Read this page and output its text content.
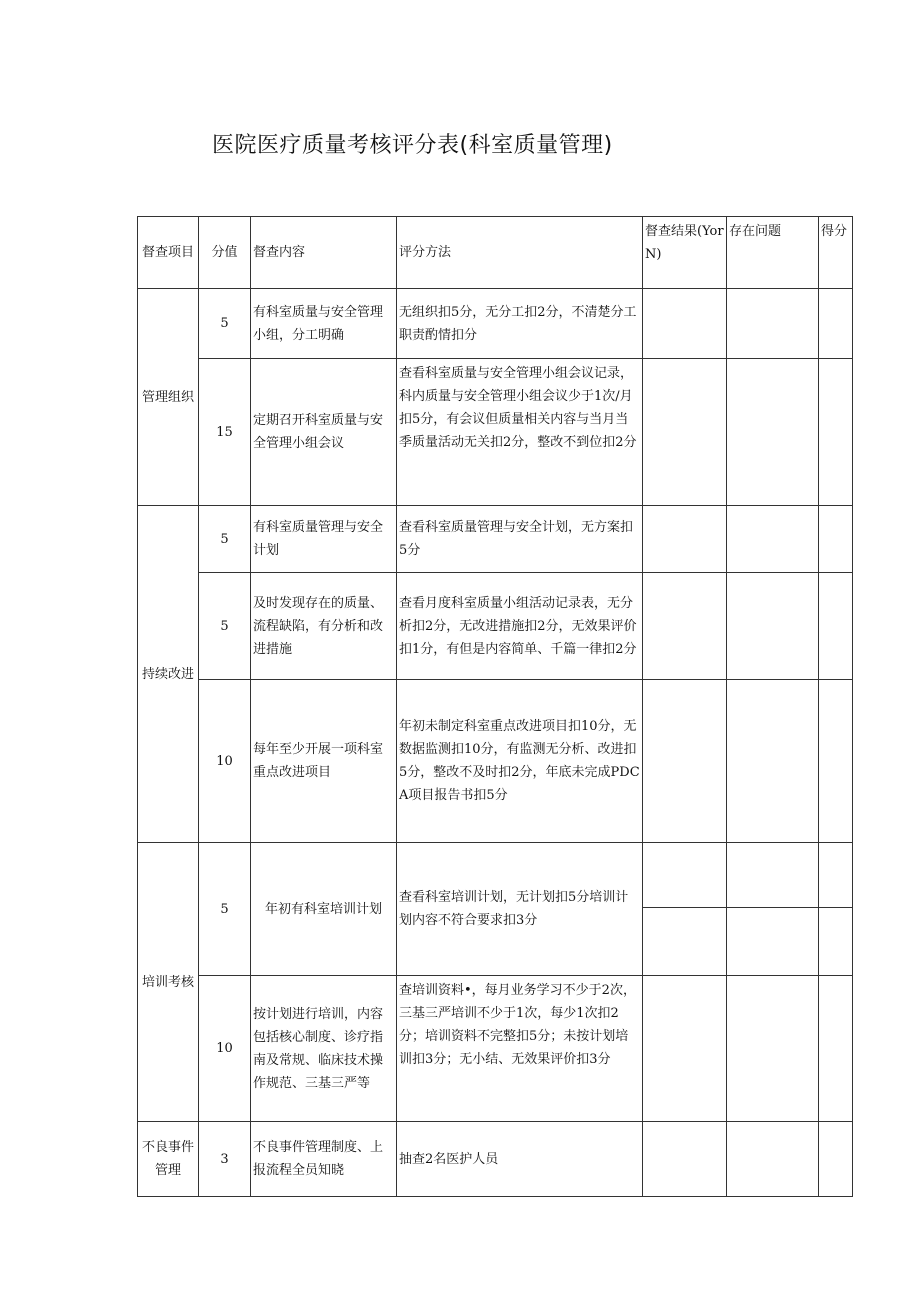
医院医疗质量考核评分表(科室质量管理)
督查项目	分值	督查内容	评分方法	督查结果(YorN)	存在问题	得分
管理组织	5	有科室质量与安全管理小组，分工明确	无组织扣5分，无分工扣2分，不清楚分工职责酌情扣分			
	15	定期召开科室质量与安全管理小组会议	查看科室质量与安全管理小组会议记录，科内质量与安全管理小组会议少于1次/月扣5分，有会议但质量相关内容与当月当季质量活动无关扣2分，整改不到位扣2分			
持续改进	5	有科室质量管理与安全计划	查看科室质量管理与安全计划，无方案扣5分			
	5	及时发现存在的质量、流程缺陷，有分析和改进措施	查看月度科室质量小组活动记录表，无分析扣2分，无改进措施扣2分，无效果评价扣1分，有但是内容简单、千篇一律扣2分			
	10	每年至少开展一项科室重点改进项目	年初未制定科室重点改进项目扣10分，无数据监测扣10分，有监测无分析、改进扣5分，整改不及时扣2分，年底未完成PDCA项目报告书扣5分			
培训考核	5	年初有科室培训计划	查看科室培训计划，无计划扣5分培训计划内容不符合要求扣3分			

	10	按计划进行培训，内容包括核心制度、诊疗指南及常规、临床技术操作规范、三基三严等	查培训资料•，每月业务学习不少于2次，三基三严培训不少于1次，每少1次扣2分；培训资料不完整扣5分；未按计划培训扣3分；无小结、无效果评价扣3分			
不良事件管理	3	不良事件管理制度、上报流程全员知晓	抽查2名医护人员			
